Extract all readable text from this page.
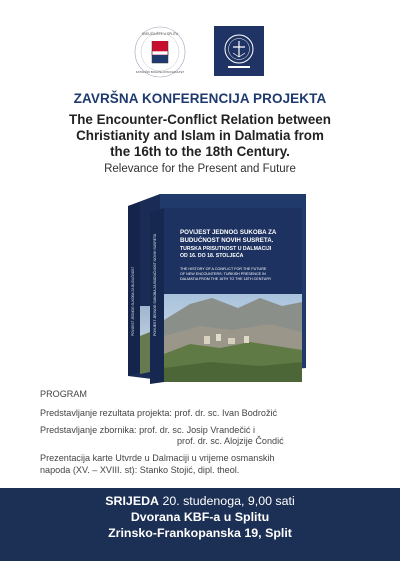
SVEUČILIŠTE U SPLITU
KATOLIČKI BOGOSLOVNI FAKULTET
ZAVRŠNA KONFERENCIJA PROJEKTA
The Encounter-Conflict Relation between
Christianity and Islam in Dalmatia from
the 16th to the 18th Century.
Relevance for the Present and Future
POVIJEST JEDNOG SUKOBA ZA BUDUĆNOST NOVIH SUSRETA
POVIJEST JEDNOG SUKOBA ZA BUDUĆNOST
POVIJEST JEDNOG SUKOBA ZA
BUDUĆNOST NOVIH SUSRETA.
TURSKA PRISUTNOST U DALMACIJI
OD 16. DO 18. STOLJEĆA
THE HISTORY OF A CONFLICT FOR THE FUTURE
OF NEW ENCOUNTERS: TURKISH PRESENCE IN
DALMATIA FROM THE 16TH TO THE 18TH CENTURY
PROGRAM
Predstavljanje rezultata projekta: prof. dr. sc. Ivan Bodrožić
Predstavljanje zbornika: prof. dr. sc. Josip Vrandečić i
prof. dr. sc. Alojzije Čondić
Prezentacija karte Utvrde u Dalmaciji u vrijeme osmanskih
napoda (XV. – XVIII. st): Stanko Stojić, dipl. theol.
SRIJEDA 20. studenoga, 9,00 sati
Dvorana KBF-a u Splitu
Zrinsko-Frankopanska 19, Split
